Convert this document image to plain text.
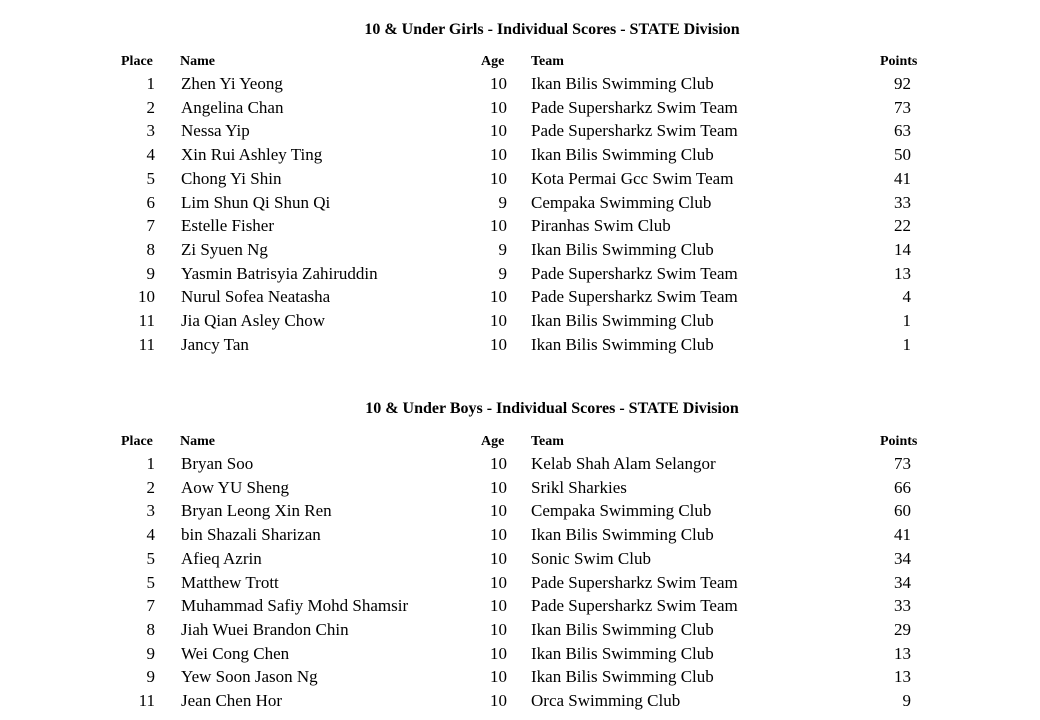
10 & Under Girls - Individual Scores - STATE Division
Place Name	Age Team	Points
1 Zhen Yi Yeong	10 Ikan Bilis Swimming Club	92
2 Angelina Chan	10 Pade Supersharkz Swim Team	73
3 Nessa Yip	10 Pade Supersharkz Swim Team	63
4 Xin Rui Ashley Ting	10 Ikan Bilis Swimming Club	50
5 Chong Yi Shin	10 Kota Permai Gcc Swim Team	41
6 Lim Shun Qi Shun Qi	9 Cempaka Swimming Club	33
7 Estelle Fisher	10 Piranhas Swim Club	22
8 Zi Syuen Ng	9 Ikan Bilis Swimming Club	14
9 Yasmin Batrisyia Zahiruddin	9 Pade Supersharkz Swim Team	13
10 Nurul Sofea Neatasha	10 Pade Supersharkz Swim Team	4
11 Jia Qian Asley Chow	10 Ikan Bilis Swimming Club	1
11 Jancy Tan	10 Ikan Bilis Swimming Club	1
10 & Under Boys - Individual Scores - STATE Division
Place Name	Age Team	Points
1 Bryan Soo	10 Kelab Shah Alam Selangor	73
2 Aow YU Sheng	10 Srikl Sharkies	66
3 Bryan Leong Xin Ren	10 Cempaka Swimming Club	60
4 bin Shazali Sharizan	10 Ikan Bilis Swimming Club	41
5 Afieq Azrin	10 Sonic Swim Club	34
5 Matthew Trott	10 Pade Supersharkz Swim Team	34
7 Muhammad Safiy Mohd Shamsir	10 Pade Supersharkz Swim Team	33
8 Jiah Wuei Brandon Chin	10 Ikan Bilis Swimming Club	29
9 Wei Cong Chen	10 Ikan Bilis Swimming Club	13
9 Yew Soon Jason Ng	10 Ikan Bilis Swimming Club	13
11 Jean Chen Hor	10 Orca Swimming Club	9
